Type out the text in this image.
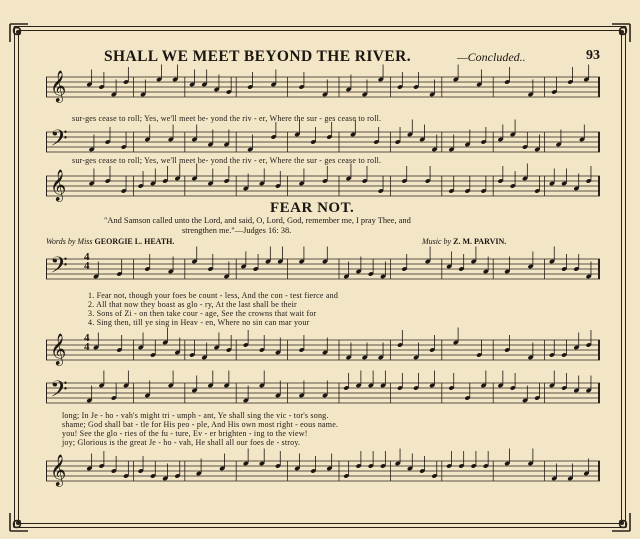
SHALL WE MEET BEYOND THE RIVER.	—Concluded..	93
𝄞
sur-ges cease to roll; Yes, we'll meet be- yond the riv - er, Where the sur - ges cease to roll.
𝄢
sur-ges cease to roll; Yes, we'll meet be- yond the riv - er, Where the sur - ges cease to roll.
𝄞
FEAR NOT.
"And Samson called unto the Lord, and said, O, Lord, God, remember me, I pray Thee, and
strengthen me."—Judges 16: 38.
Words by Miss GEORGIE L. HEATH.	Music by Z. M. PARVIN.
𝄢
1. Fear not, though your foes be count - less, And the con - test fierce and
2. All that now they boast as glo - ry, At the last shall be their
3. Sons of Zi - on then take cour - age, See the crowns that wait for
4. Sing then, till ye sing in Heav - en, Where no sin can mar your
𝄞
𝄢
long; In Je - ho - vah's might tri - umph - ant, Ye shall sing the vic - tor's song.
shame; God shall bat - tle for His peo - ple, And His own most right - eous name.
you! See the glo - ries of the fu - ture, Ev - er brighten - ing to the view!
joy; Glorious is the great Je - ho - vah, He shall all our foes de - stroy.
𝄞
4
4
4
4
